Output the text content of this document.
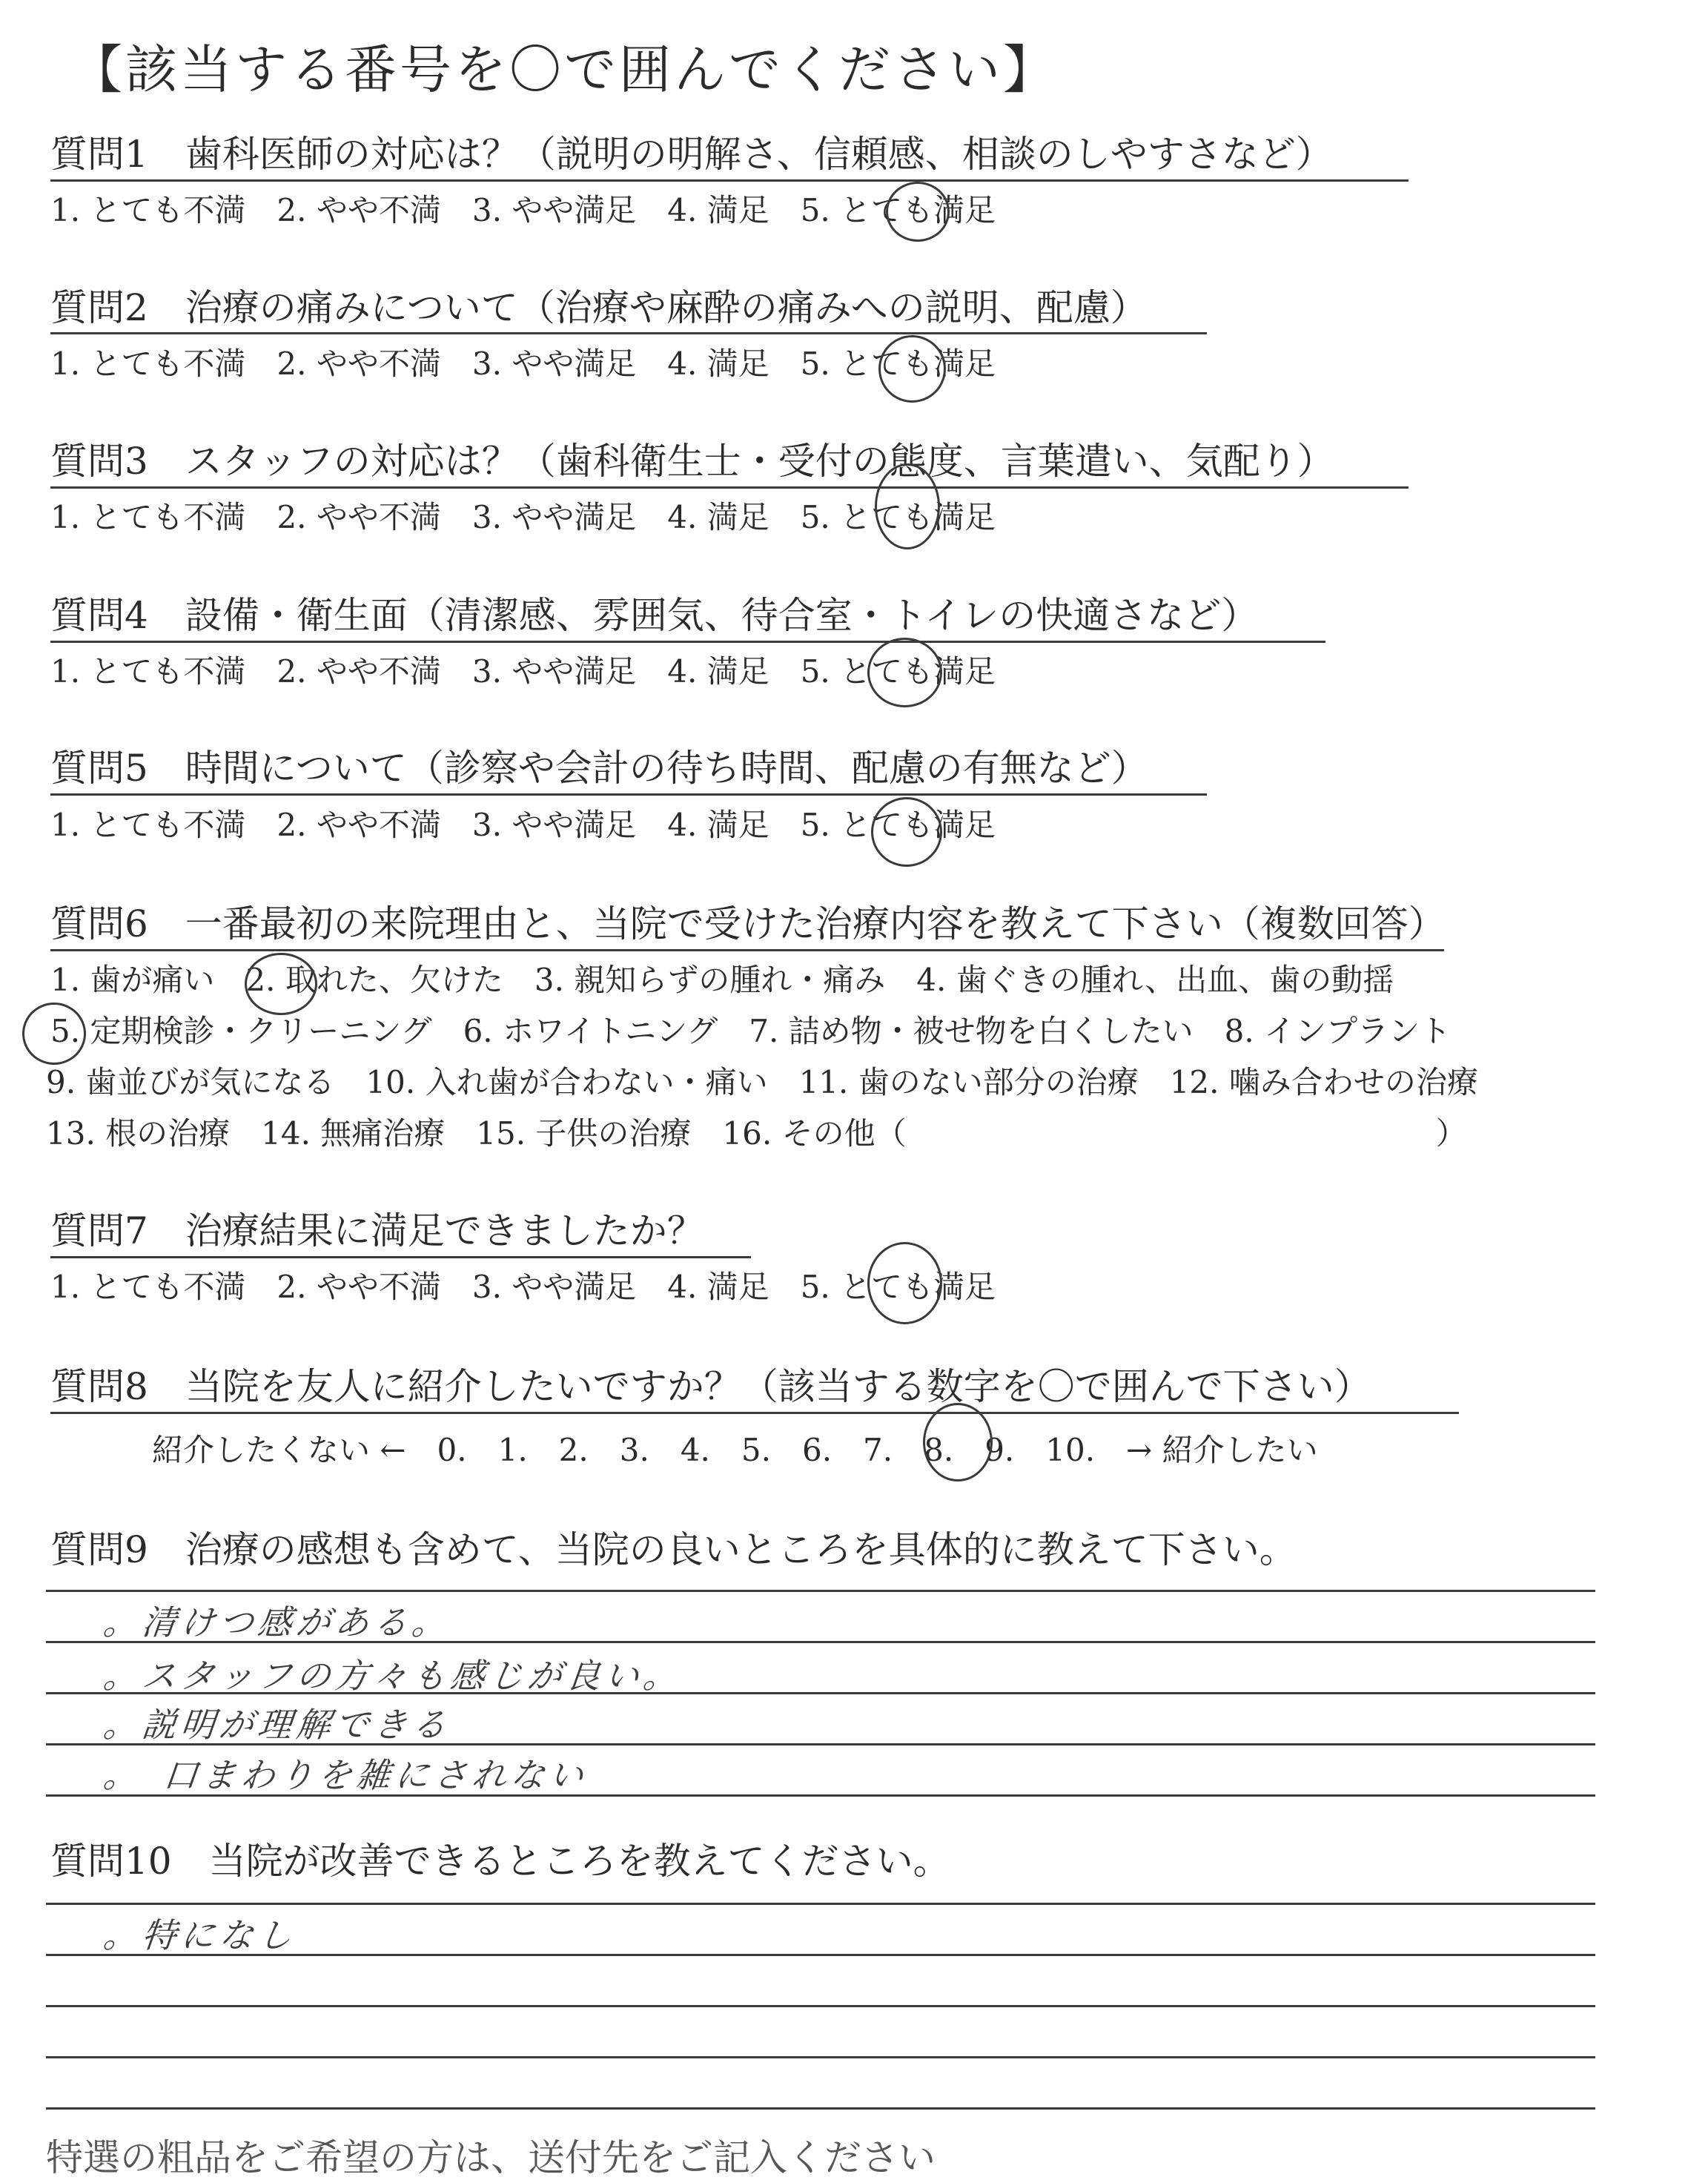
【該当する番号を〇で囲んでください】
質問1　歯科医師の対応は？（説明の明解さ、信頼感、相談のしやすさなど）
1. とても不満　2. やや不満　3. やや満足　4. 満足　5. とても満足
質問2　治療の痛みについて（治療や麻酔の痛みへの説明、配慮）
1. とても不満　2. やや不満　3. やや満足　4. 満足　5. とても満足
質問3　スタッフの対応は？（歯科衛生士・受付の態度、言葉遣い、気配り）
1. とても不満　2. やや不満　3. やや満足　4. 満足　5. とても満足
質問4　設備・衛生面（清潔感、雰囲気、待合室・トイレの快適さなど）
1. とても不満　2. やや不満　3. やや満足　4. 満足　5. とても満足
質問5　時間について（診察や会計の待ち時間、配慮の有無など）
1. とても不満　2. やや不満　3. やや満足　4. 満足　5. とても満足
質問6　一番最初の来院理由と、当院で受けた治療内容を教えて下さい（複数回答）
1. 歯が痛い　2. 取れた、欠けた　3. 親知らずの腫れ・痛み　4. 歯ぐきの腫れ、出血、歯の動揺
5. 定期検診・クリーニング　6. ホワイトニング　7. 詰め物・被せ物を白くしたい　8. インプラント
9. 歯並びが気になる　10. 入れ歯が合わない・痛い　11. 歯のない部分の治療　12. 噛み合わせの治療
13. 根の治療　14. 無痛治療　15. 子供の治療　16. その他（　　　　　　　　　　　　　　　　　）
質問7　治療結果に満足できましたか？
1. とても不満　2. やや不満　3. やや満足　4. 満足　5. とても満足
質問8　当院を友人に紹介したいですか？（該当する数字を〇で囲んで下さい）
紹介したくない ←　0.　1.　2.　3.　4.　5.　6.　7.　8.　9.　10.　→ 紹介したい
質問9　治療の感想も含めて、当院の良いところを具体的に教えて下さい。
。清けつ感がある。
。スタッフの方々も感じが良い。
。説明が理解できる
。　口まわりを雑にされない
質問10　当院が改善できるところを教えてください。
。特になし
特選の粗品をご希望の方は、送付先をご記入ください
